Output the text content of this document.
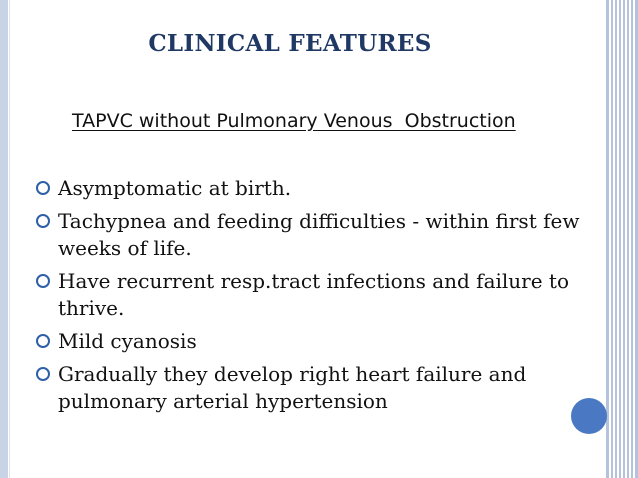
CLINICAL FEATURES
TAPVC without Pulmonary Venous  Obstruction
Asymptomatic at birth.
Tachypnea and feeding difficulties - within first few weeks of life.
Have recurrent resp.tract infections and failure to thrive.
Mild cyanosis
Gradually they develop right heart failure and pulmonary arterial hypertension
